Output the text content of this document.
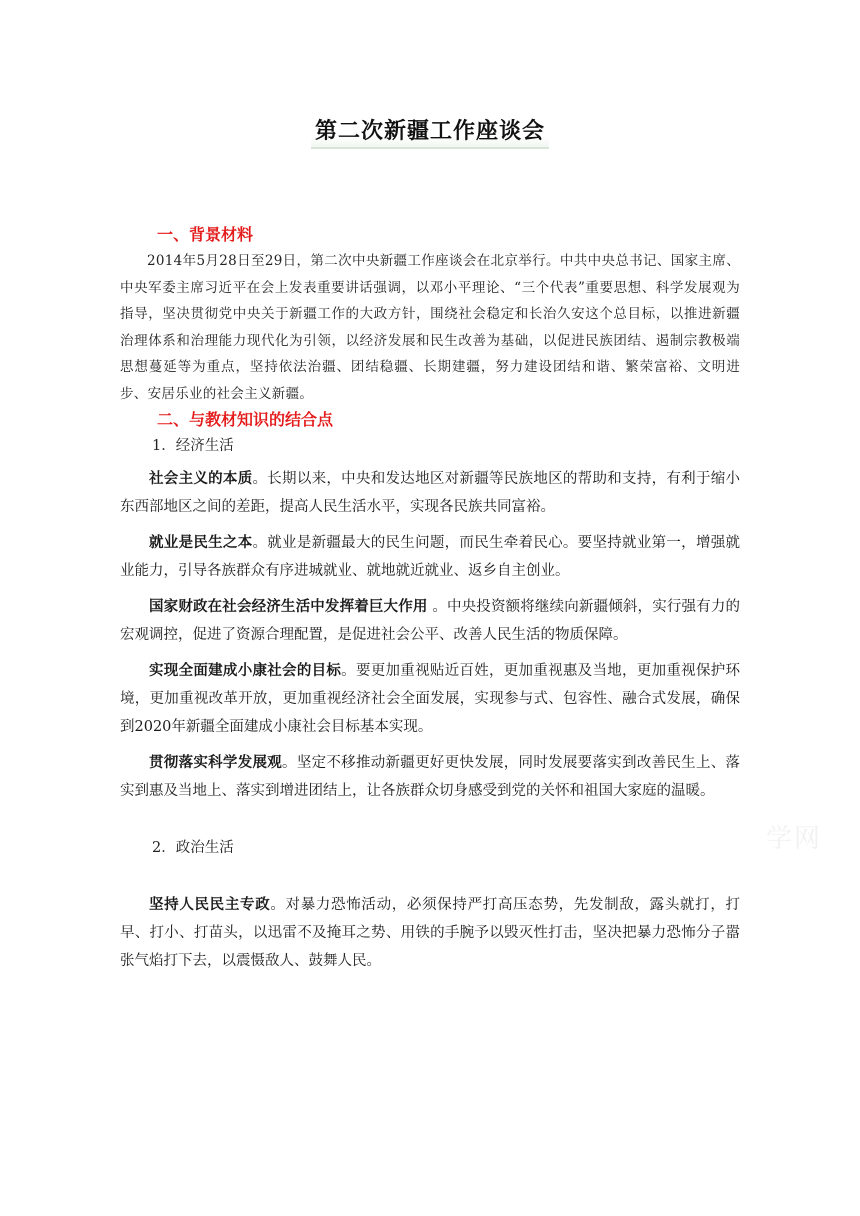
第二次新疆工作座谈会
一、背景材料

2014年5月28日至29日，第二次中央新疆工作座谈会在北京举行。中共中央总书记、国家主席、中央军委主席习近平在会上发表重要讲话强调，以邓小平理论、“三个代表”重要思想、科学发展观为指导，坚决贯彻党中央关于新疆工作的大政方针，围绕社会稳定和长治久安这个总目标，以推进新疆治理体系和治理能力现代化为引领，以经济发展和民生改善为基础，以促进民族团结、遏制宗教极端思想蔓延等为重点，坚持依法治疆、团结稳疆、长期建疆，努力建设团结和谐、繁荣富裕、文明进步、安居乐业的社会主义新疆。

二、与教材知识的结合点

1．经济生活

社会主义的本质。长期以来，中央和发达地区对新疆等民族地区的帮助和支持，有利于缩小东西部地区之间的差距，提高人民生活水平，实现各民族共同富裕。

就业是民生之本。就业是新疆最大的民生问题，而民生牵着民心。要坚持就业第一，增强就业能力，引导各族群众有序进城就业、就地就近就业、返乡自主创业。

国家财政在社会经济生活中发挥着巨大作用 。中央投资额将继续向新疆倾斜，实行强有力的宏观调控，促进了资源合理配置，是促进社会公平、改善人民生活的物质保障。

实现全面建成小康社会的目标。要更加重视贴近百姓，更加重视惠及当地，更加重视保护环境，更加重视改革开放，更加重视经济社会全面发展，实现参与式、包容性、融合式发展，确保到2020年新疆全面建成小康社会目标基本实现。

贯彻落实科学发展观。坚定不移推动新疆更好更快发展，同时发展要落实到改善民生上、落实到惠及当地上、落实到增进团结上，让各族群众切身感受到党的关怀和祖国大家庭的温暖。

2．政治生活

坚持人民民主专政。对暴力恐怖活动，必须保持严打高压态势，先发制敌，露头就打，打早、打小、打苗头，以迅雷不及掩耳之势、用铁的手腕予以毁灭性打击，坚决把暴力恐怖分子嚣张气焰打下去，以震慑敌人、鼓舞人民。

学网
